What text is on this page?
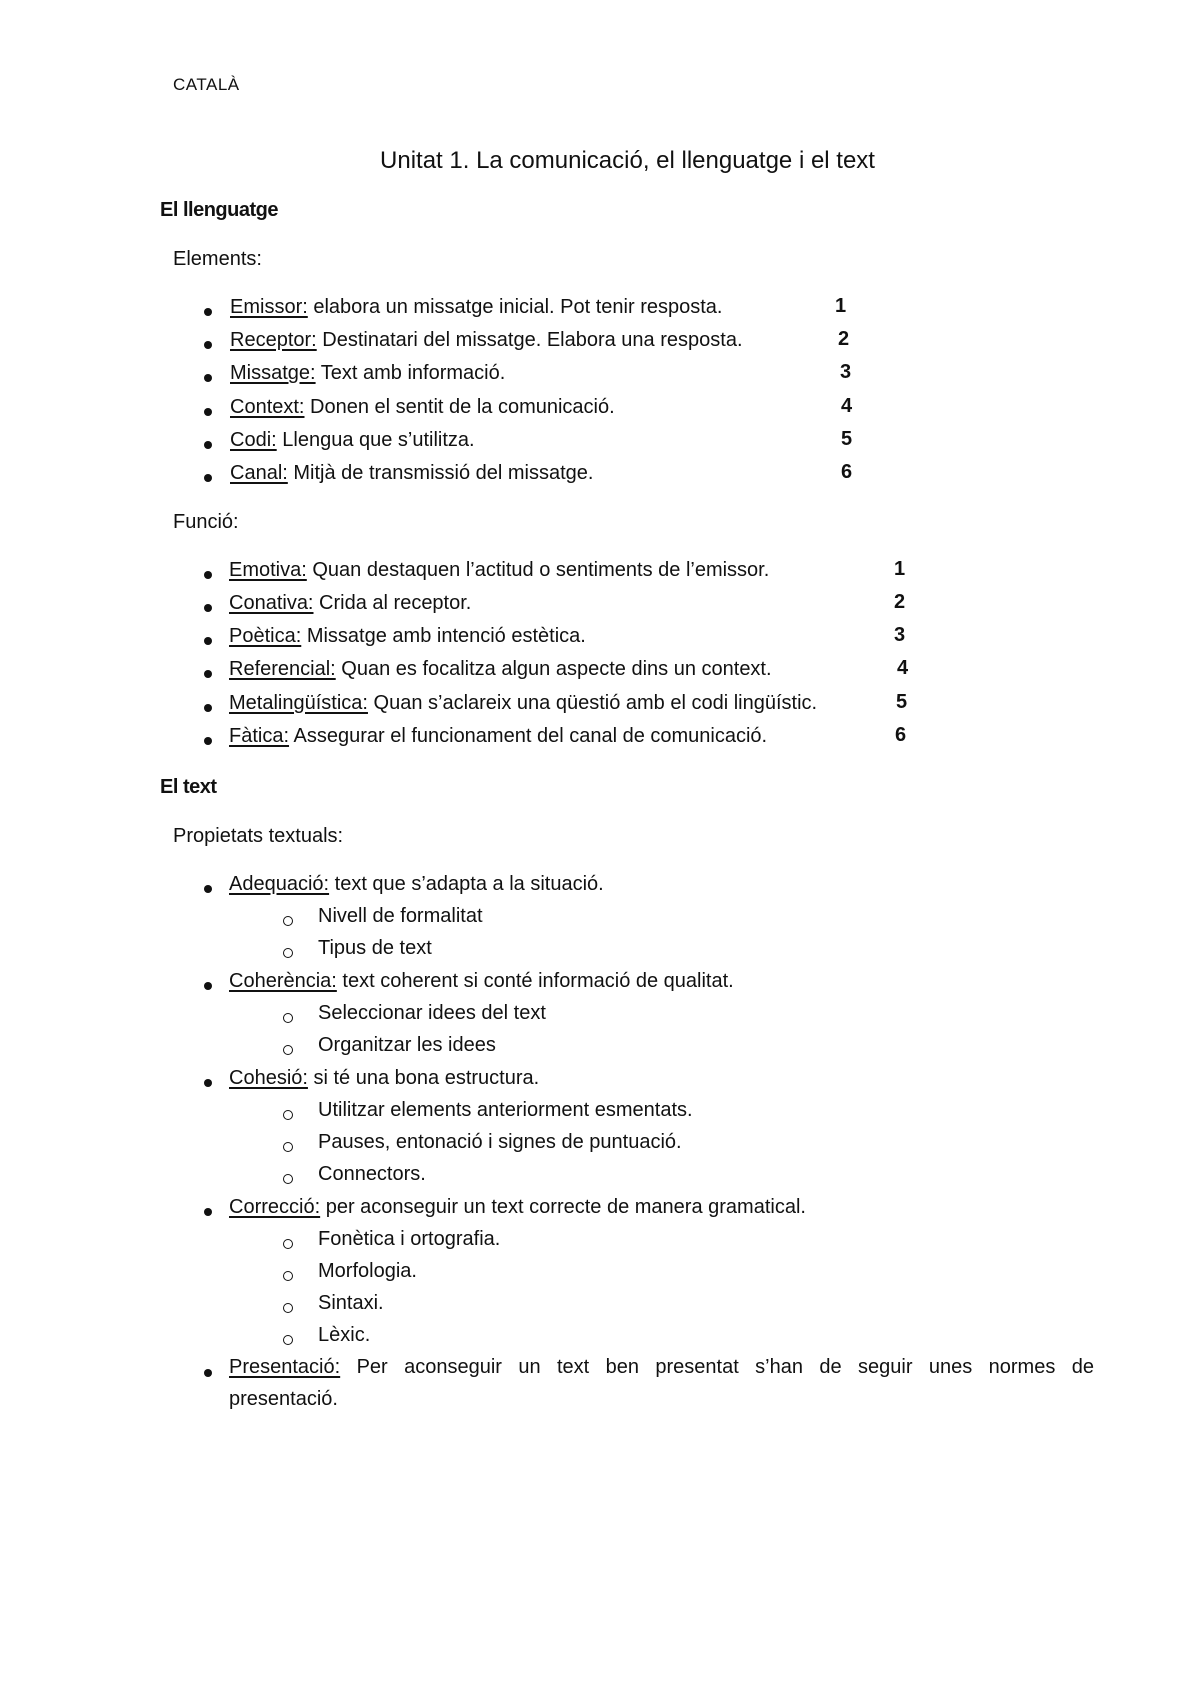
CATALÀ
Unitat 1. La comunicació, el llenguatge i el text
El llenguatge
Elements:
Emissor: elabora un missatge inicial. Pot tenir resposta.	1
Receptor: Destinatari del missatge. Elabora una resposta.	2
Missatge: Text amb informació.	3
Context: Donen el sentit de la comunicació.	4
Codi: Llengua que s’utilitza.	5
Canal: Mitjà de transmissió del missatge.	6
Funció:
Emotiva: Quan destaquen l’actitud o sentiments de l’emissor.	1
Conativa: Crida al receptor.	2
Poètica: Missatge amb intenció estètica.	3
Referencial: Quan es focalitza algun aspecte dins un context.	4
Metalingüística: Quan s’aclareix una qüestió amb el codi lingüístic.	5
Fàtica: Assegurar el funcionament del canal de comunicació.	6
El text
Propietats textuals:
Adequació: text que s’adapta a la situació.
Nivell de formalitat
Tipus de text
Coherència: text coherent si conté informació de qualitat.
Seleccionar idees del text
Organitzar les idees
Cohesió: si té una bona estructura.
Utilitzar elements anteriorment esmentats.
Pauses, entonació i signes de puntuació.
Connectors.
Correcció: per aconseguir un text correcte de manera gramatical.
Fonètica i ortografia.
Morfologia.
Sintaxi.
Lèxic.
Presentació: Per aconseguir un text ben presentat s’han de seguir unes normes de
presentació.
